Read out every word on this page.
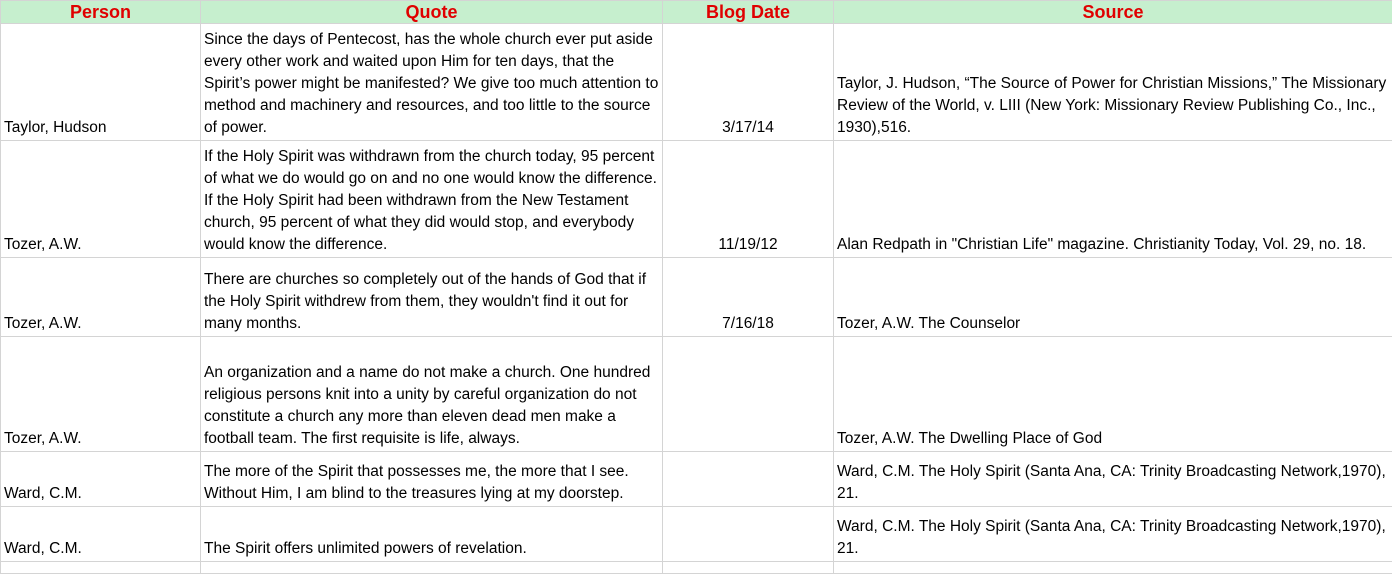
Person	Quote	Blog Date	Source
Taylor, Hudson	Since the days of Pentecost, has the whole church ever put aside every other work and waited upon Him for ten days, that the Spirit’s power might be manifested? We give too much attention to method and machinery and resources, and too little to the source of power.	3/17/14	Taylor, J. Hudson, “The Source of Power for Christian Missions,” The Missionary Review of the World, v. LIII (New York: Missionary Review Publishing Co., Inc., 1930),516.
Tozer, A.W.	If the Holy Spirit was withdrawn from the church today, 95 percent of what we do would go on and no one would know the difference. If the Holy Spirit had been withdrawn from the New Testament church, 95 percent of what they did would stop, and everybody would know the difference.	11/19/12	Alan Redpath in "Christian Life" magazine. Christianity Today, Vol. 29, no. 18.
Tozer, A.W.	There are churches so completely out of the hands of God that if the Holy Spirit withdrew from them, they wouldn't find it out for many months.	7/16/18	Tozer, A.W. The Counselor
Tozer, A.W.	An organization and a name do not make a church. One hundred religious persons knit into a unity by careful organization do not constitute a church any more than eleven dead men make a football team. The first requisite is life, always.		Tozer, A.W. The Dwelling Place of God
Ward, C.M.	The more of the Spirit that possesses me, the more that I see. Without Him, I am blind to the treasures lying at my doorstep.		Ward, C.M. The Holy Spirit (Santa Ana, CA: Trinity Broadcasting Network,1970), 21.
Ward, C.M.	The Spirit offers unlimited powers of revelation.		Ward, C.M. The Holy Spirit (Santa Ana, CA: Trinity Broadcasting Network,1970), 21.
